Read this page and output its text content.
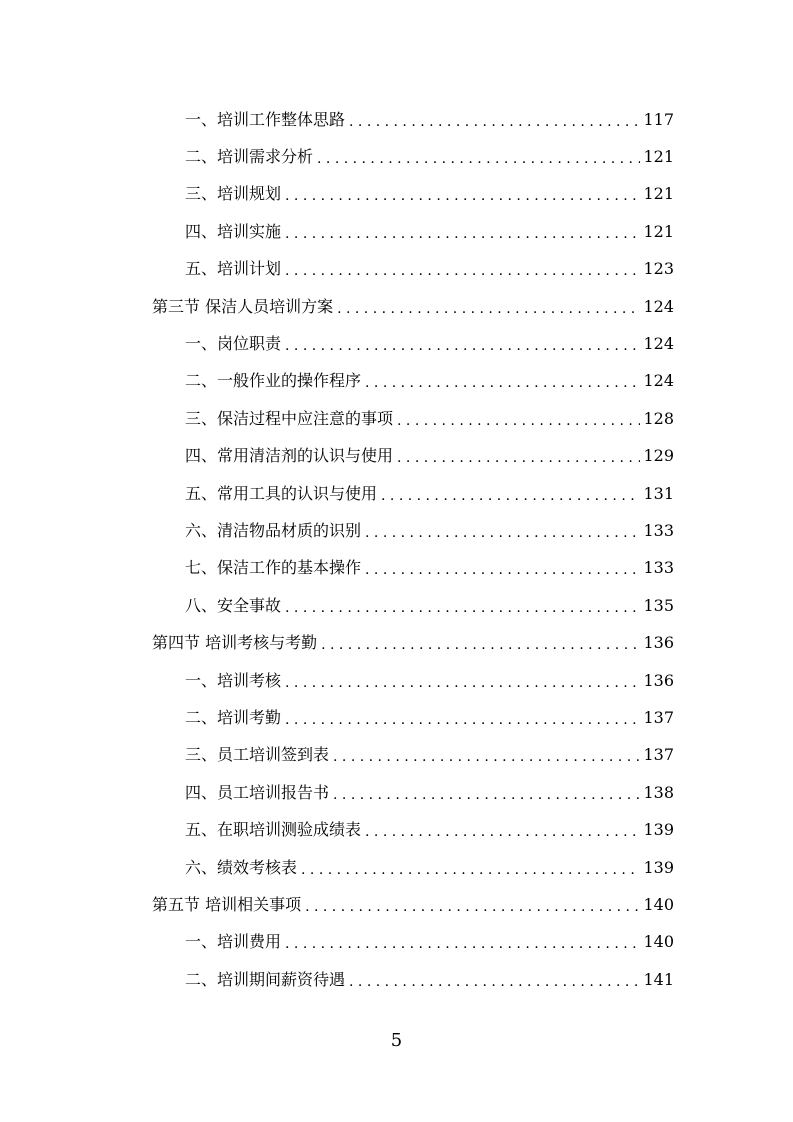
一、培训工作整体思路 . . .	117
二、培训需求分析 . . .	121
三、培训规划 . . .	121
四、培训实施 . . .	121
五、培训计划 . . .	123
第三节 保洁人员培训方案 . . .	124
一、岗位职责 . . .	124
二、一般作业的操作程序 . . .	124
三、保洁过程中应注意的事项 . . .	128
四、常用清洁剂的认识与使用 . . .	129
五、常用工具的认识与使用 . . .	131
六、清洁物品材质的识别 . . .	133
七、保洁工作的基本操作 . . .	133
八、安全事故 . . .	135
第四节 培训考核与考勤 . . .	136
一、培训考核 . . .	136
二、培训考勤 . . .	137
三、员工培训签到表 . . .	137
四、员工培训报告书 . . .	138
五、在职培训测验成绩表 . . .	139
六、绩效考核表 . . .	139
第五节 培训相关事项 . . .	140
一、培训费用 . . .	140
二、培训期间薪资待遇 . . .	141
5
